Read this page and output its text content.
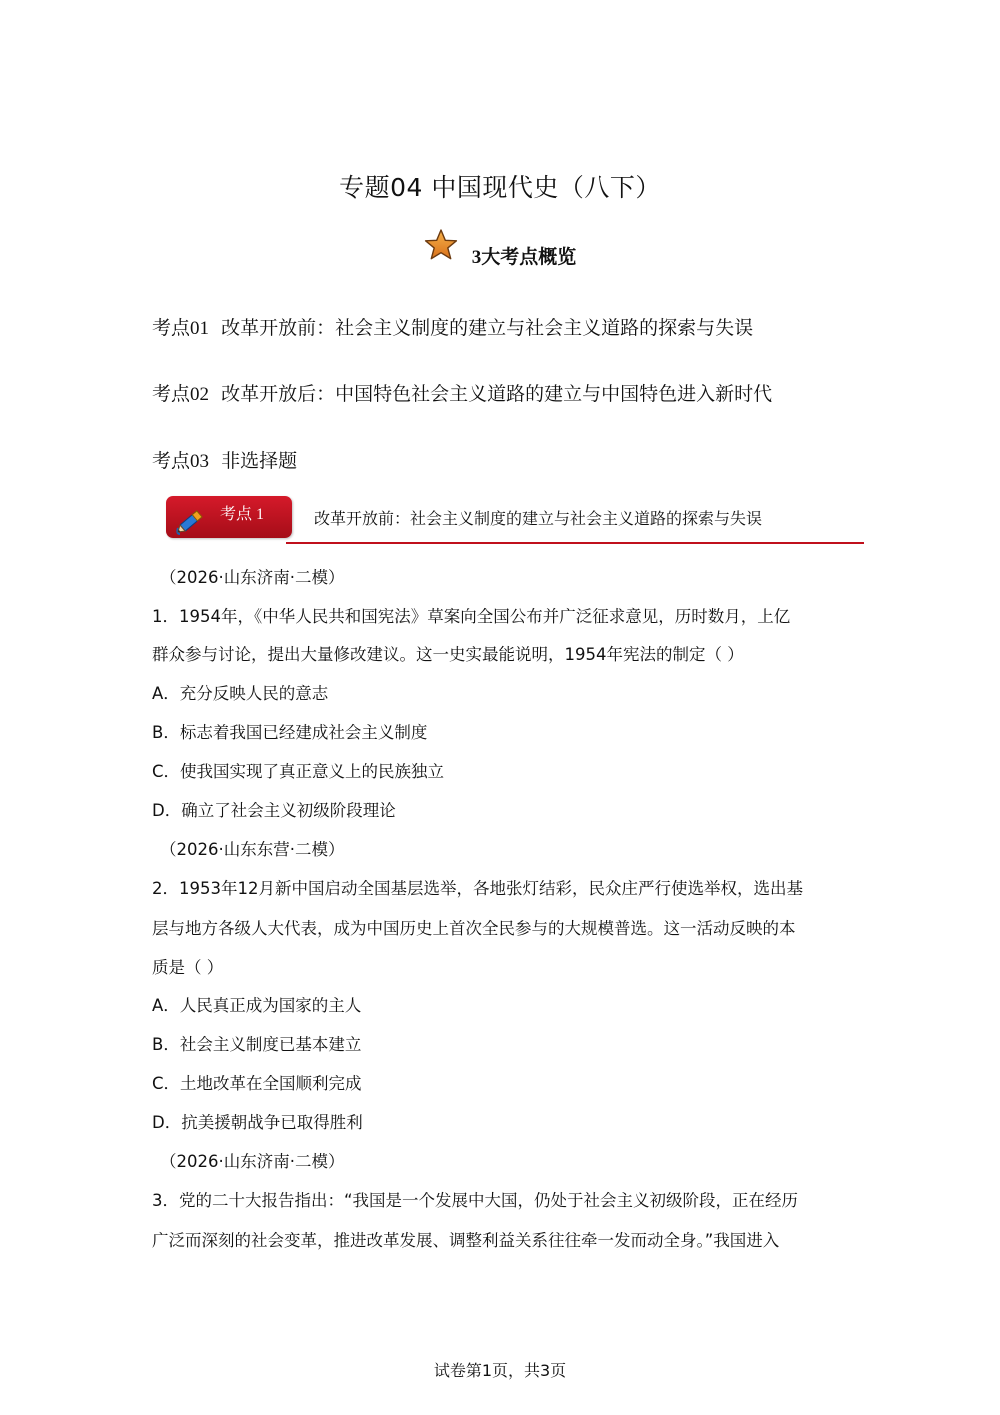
专题04 中国现代史（八下）
3大考点概览
考点01 改革开放前：社会主义制度的建立与社会主义道路的探索与失误
考点02 改革开放后：中国特色社会主义道路的建立与中国特色进入新时代
考点03 非选择题
考点 1	改革开放前：社会主义制度的建立与社会主义道路的探索与失误
（2026·山东济南·二模）
1．1954年，《中华人民共和国宪法》草案向全国公布并广泛征求意见，历时数月，上亿
群众参与讨论，提出大量修改建议。这一史实最能说明，1954年宪法的制定（ ）
A．充分反映人民的意志
B．标志着我国已经建成社会主义制度
C．使我国实现了真正意义上的民族独立
D．确立了社会主义初级阶段理论
（2026·山东东营·二模）
2．1953年12月新中国启动全国基层选举，各地张灯结彩，民众庄严行使选举权，选出基
层与地方各级人大代表，成为中国历史上首次全民参与的大规模普选。这一活动反映的本
质是（ ）
A．人民真正成为国家的主人
B．社会主义制度已基本建立
C．土地改革在全国顺利完成
D．抗美援朝战争已取得胜利
（2026·山东济南·二模）
3．党的二十大报告指出：“我国是一个发展中大国，仍处于社会主义初级阶段，正在经历
广泛而深刻的社会变革，推进改革发展、调整利益关系往往牵一发而动全身。”我国进入
试卷第1页，共3页
